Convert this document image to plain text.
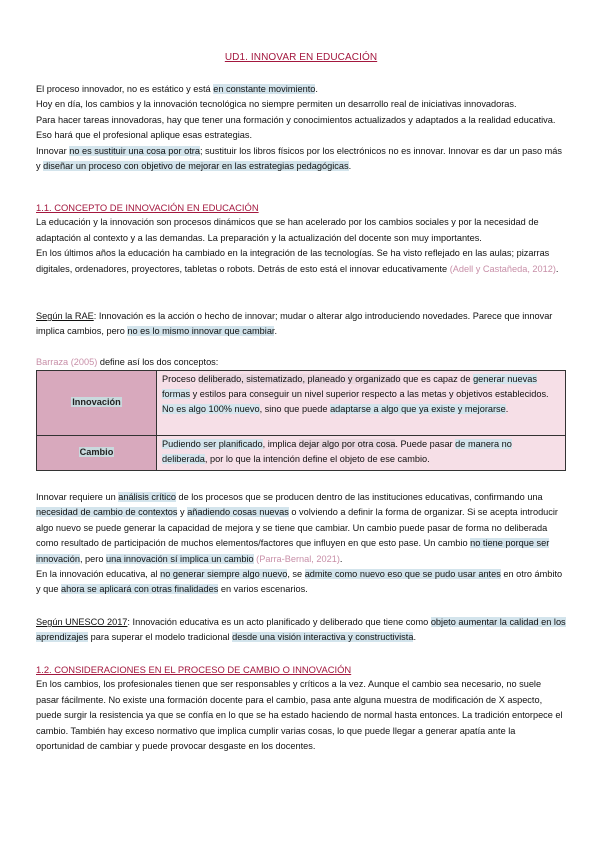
UD1. INNOVAR EN EDUCACIÓN

El proceso innovador, no es estático y está en constante movimiento.

Hoy en día, los cambios y la innovación tecnológica no siempre permiten un desarrollo real de iniciativas innovadoras.

Para hacer tareas innovadoras, hay que tener una formación y conocimientos actualizados y adaptados a la realidad educativa. Eso hará que el profesional aplique esas estrategias.

Innovar no es sustituir una cosa por otra; sustituir los libros físicos por los electrónicos no es innovar. Innovar es dar un paso más y diseñar un proceso con objetivo de mejorar en las estrategias pedagógicas.

1.1. CONCEPTO DE INNOVACIÓN EN EDUCACIÓN

La educación y la innovación son procesos dinámicos que se han acelerado por los cambios sociales y por la necesidad de adaptación al contexto y a las demandas. La preparación y la actualización del docente son muy importantes.

En los últimos años la educación ha cambiado en la integración de las tecnologías. Se ha visto reflejado en las aulas; pizarras digitales, ordenadores, proyectores, tabletas o robots. Detrás de esto está el innovar educativamente (Adell y Castañeda, 2012).

Según la RAE: Innovación es la acción o hecho de innovar; mudar o alterar algo introduciendo novedades. Parece que innovar implica cambios, pero no es lo mismo innovar que cambiar.

Barraza (2005) define así los dos conceptos:

Innovación	Proceso deliberado, sistematizado, planeado y organizado que es capaz de generar nuevas formas y estilos para conseguir un nivel superior respecto a las metas y objetivos establecidos. No es algo 100% nuevo, sino que puede adaptarse a algo que ya existe y mejorarse.
Cambio	Pudiendo ser planificado, implica dejar algo por otra cosa. Puede pasar de manera no deliberada, por lo que la intención define el objeto de ese cambio.

Innovar requiere un análisis crítico de los procesos que se producen dentro de las instituciones educativas, confirmando una necesidad de cambio de contextos y añadiendo cosas nuevas o volviendo a definir la forma de organizar. Si se acepta introducir algo nuevo se puede generar la capacidad de mejora y se tiene que cambiar. Un cambio puede pasar de forma no deliberada como resultado de participación de muchos elementos/factores que influyen en que esto pase. Un cambio no tiene porque ser innovación, pero una innovación sí implica un cambio (Parra-Bernal, 2021).

En la innovación educativa, al no generar siempre algo nuevo, se admite como nuevo eso que se pudo usar antes en otro ámbito y que ahora se aplicará con otras finalidades en varios escenarios.

Según UNESCO 2017: Innovación educativa es un acto planificado y deliberado que tiene como objeto aumentar la calidad en los aprendizajes para superar el modelo tradicional desde una visión interactiva y constructivista.

1.2. CONSIDERACIONES EN EL PROCESO DE CAMBIO O INNOVACIÓN

En los cambios, los profesionales tienen que ser responsables y críticos a la vez. Aunque el cambio sea necesario, no suele pasar fácilmente. No existe una formación docente para el cambio, pasa ante alguna muestra de modificación de X aspecto, puede surgir la resistencia ya que se confía en lo que se ha estado haciendo de normal hasta entonces. La tradición entorpece el cambio. También hay exceso normativo que implica cumplir varias cosas, lo que puede llegar a generar apatía ante la oportunidad de cambiar y puede provocar desgaste en los docentes.
